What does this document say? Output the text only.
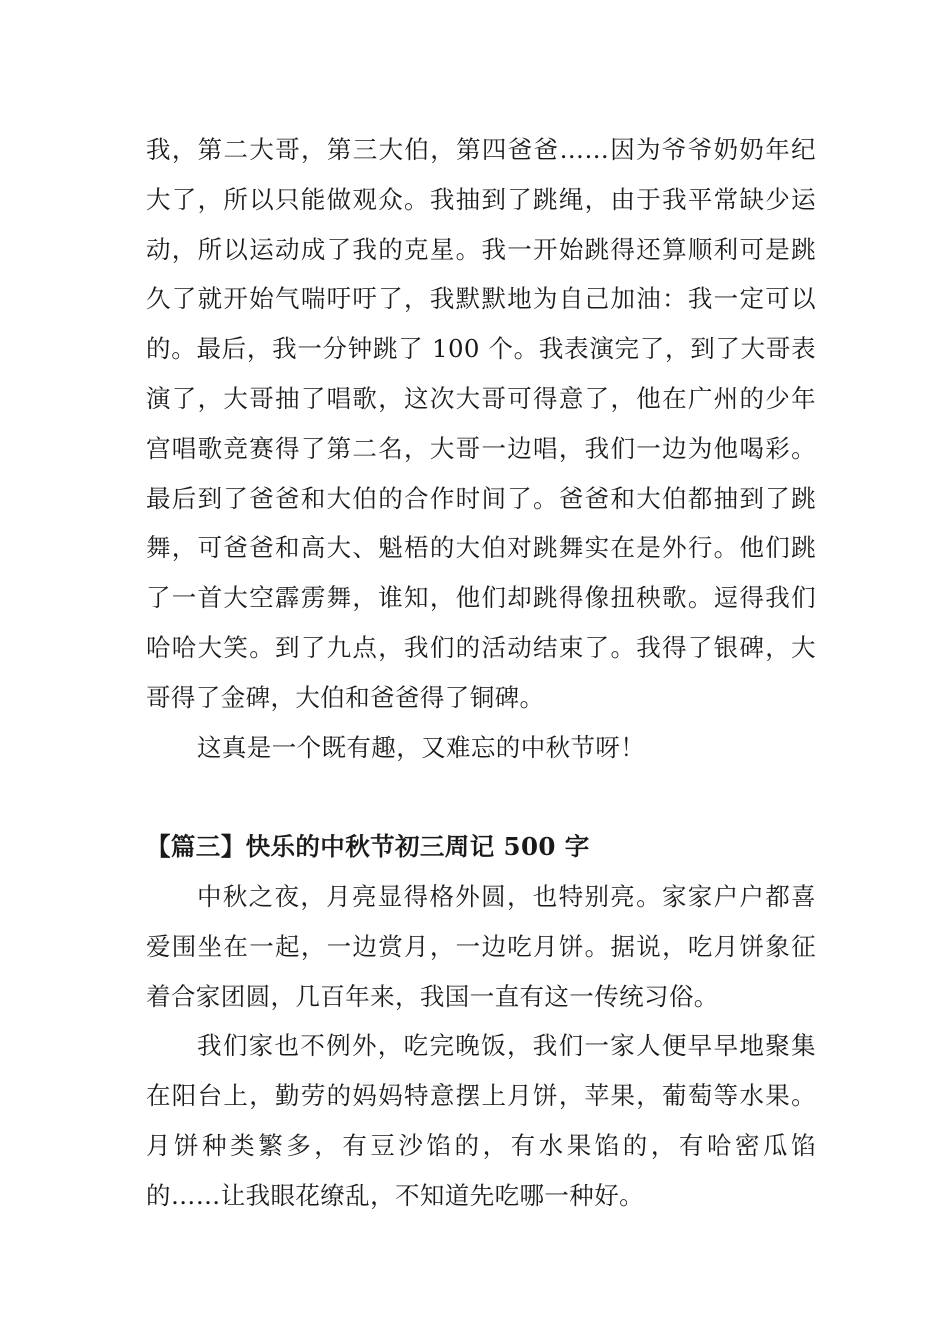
我，第二大哥，第三大伯，第四爸爸……因为爷爷奶奶年纪大了，所以只能做观众。我抽到了跳绳，由于我平常缺少运动，所以运动成了我的克星。我一开始跳得还算顺利可是跳久了就开始气喘吁吁了，我默默地为自己加油：我一定可以的。最后，我一分钟跳了 100 个。我表演完了，到了大哥表演了，大哥抽了唱歌，这次大哥可得意了，他在广州的少年宫唱歌竞赛得了第二名，大哥一边唱，我们一边为他喝彩。最后到了爸爸和大伯的合作时间了。爸爸和大伯都抽到了跳舞，可爸爸和高大、魁梧的大伯对跳舞实在是外行。他们跳了一首大空霹雳舞，谁知，他们却跳得像扭秧歌。逗得我们哈哈大笑。到了九点，我们的活动结束了。我得了银碑，大哥得了金碑，大伯和爸爸得了铜碑。

这真是一个既有趣，又难忘的中秋节呀！

【篇三】快乐的中秋节初三周记 500 字

中秋之夜，月亮显得格外圆，也特别亮。家家户户都喜爱围坐在一起，一边赏月，一边吃月饼。据说，吃月饼象征着合家团圆，几百年来，我国一直有这一传统习俗。

我们家也不例外，吃完晚饭，我们一家人便早早地聚集在阳台上，勤劳的妈妈特意摆上月饼，苹果，葡萄等水果。月饼种类繁多，有豆沙馅的，有水果馅的，有哈密瓜馅的……让我眼花缭乱，不知道先吃哪一种好。
